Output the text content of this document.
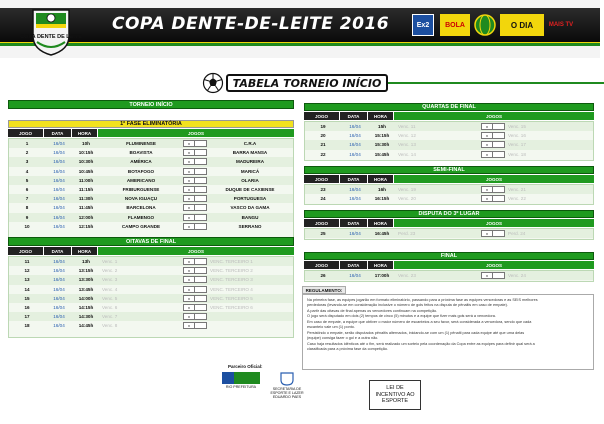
COPA DENTE DE LEITE
COPA DENTE-DE-LEITE 2016	Ex2	BOLA	O DIA	MAIS TV
TABELA TORNEIO INÍCIO
TORNEIO INÍCIO
1ª FASE ELIMINATÓRIA
JOGO	DATA	HORA	JOGOS
1	16/04	10h	FLUMINENSE	x	C.R.A
2	16/04	10:15h	BOAVISTA	x	BARRA MANSA
3	16/04	10:30h	AMÉRICA	x	MADUREIRA
4	16/04	10:45h	BOTAFOGO	x	MARICÁ
5	16/04	11:00h	AMERICANO	x	OLARIA
6	16/04	11:15h	FRIBURGUENSE	x	DUQUE DE CAXIENSE
7	16/04	11:30h	NOVA IGUAÇU	x	PORTUGUESA
8	16/04	11:45h	BARCELONA	x	VASCO DA GAMA
9	16/04	12:00h	FLAMENGO	x	BANGU
10	16/04	12:15h	CAMPO GRANDE	x	SERRANO
OITAVAS DE FINAL
JOGO	DATA	HORA	JOGOS
11	16/04	13h	Venc. 1	x	VENC. TERCEIRO 1
12	16/04	13:15h	Venc. 2	x	VENC. TERCEIRO 2
13	16/04	13:30h	Venc. 3	x	VENC. TERCEIRO 3
14	16/04	13:45h	Venc. 4	x	VENC. TERCEIRO 4
15	16/04	14:00h	Venc. 5	x	VENC. TERCEIRO 5
16	16/04	14:15h	Venc. 6	x	VENC. TERCEIRO 6
17	16/04	14:30h	Venc. 7	x
18	16/04	14:45h	Venc. 8	x
QUARTAS DE FINAL
JOGO	DATA	HORA	JOGOS
19	16/04	15h	Venc. 11	x	Venc. 15
20	16/04	15:15h	Venc. 12	x	Venc. 16
21	16/04	15:30h	Venc. 13	x	Venc. 17
22	16/04	15:45h	Venc. 14	x	Venc. 18
SEMI-FINAL
JOGO	DATA	HORA	JOGOS
23	16/04	16h	Venc. 19	x	Venc. 21
24	16/04	16:15h	Venc. 20	x	Venc. 22
DISPUTA DO 3º LUGAR
JOGO	DATA	HORA	JOGOS
25	16/04	16:45h	Perd. 23	x	Perd. 24
FINAL
JOGO	DATA	HORA	JOGOS
26	16/04	17:00h	Venc. 23	x	Venc. 24
REGULAMENTO:

Na primeira fase, as equipes jogarão em formato eliminatório, passando para a próxima fase as equipes vencedoras e as SEIS melhores

perdedoras (levando-se em consideração inclusive o número de gols feitos na disputa de pênaltis em caso de empate).

A partir das oitavas de final apenas os vencedores continuam na competição.

O jogo será disputado em dois (2) tempos de cinco (5) minutos e a equipe que fizer mais gols será a vencedora.

Em caso de empate, a equipe que obtiver o maior número de escanteios a seu favor, será considerada a vencedora, sendo que cada

escanteio vale um (1) ponto.

Persistindo o empate, serão disputados pênaltis alternados, iniciando-se com um (1) pênalti para cada equipe até que uma delas

(equipe) consiga fazer o gol e a outra não.

Caso haja resultados idênticos até o fim, será realizado um sorteio pela coordenação da Copa entre as equipes para definir qual será a

classificada para a próxima fase da competição.

Parceiro Oficial:
RIO PREFEITURA	SECRETARIA DE ESPORTE E LAZER
EDUARDO PAES
LEI DE
INCENTIVO AO
ESPORTE
